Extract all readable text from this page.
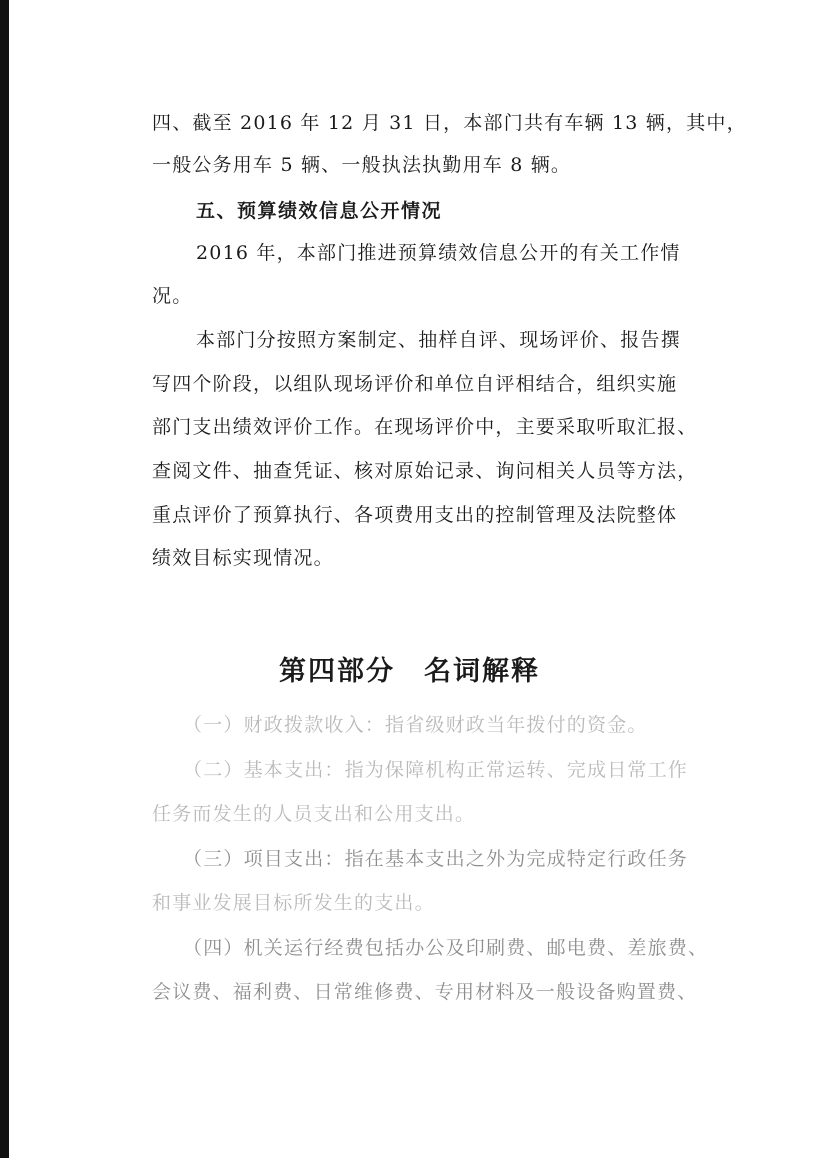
四、截至 2016 年 12 月 31 日，本部门共有车辆 13 辆，其中，
一般公务用车 5 辆、一般执法执勤用车 8 辆。
五、预算绩效信息公开情况
2016 年，本部门推进预算绩效信息公开的有关工作情
况。
本部门分按照方案制定、抽样自评、现场评价、报告撰
写四个阶段，以组队现场评价和单位自评相结合，组织实施
部门支出绩效评价工作。在现场评价中，主要采取听取汇报、
查阅文件、抽查凭证、核对原始记录、询问相关人员等方法，
重点评价了预算执行、各项费用支出的控制管理及法院整体
绩效目标实现情况。
第四部分　名词解释
（一）财政拨款收入：指省级财政当年拨付的资金。
（二）基本支出：指为保障机构正常运转、完成日常工作
任务而发生的人员支出和公用支出。
（三）项目支出：指在基本支出之外为完成特定行政任务
和事业发展目标所发生的支出。
（四）机关运行经费包括办公及印刷费、邮电费、差旅费、
会议费、福利费、日常维修费、专用材料及一般设备购置费、
